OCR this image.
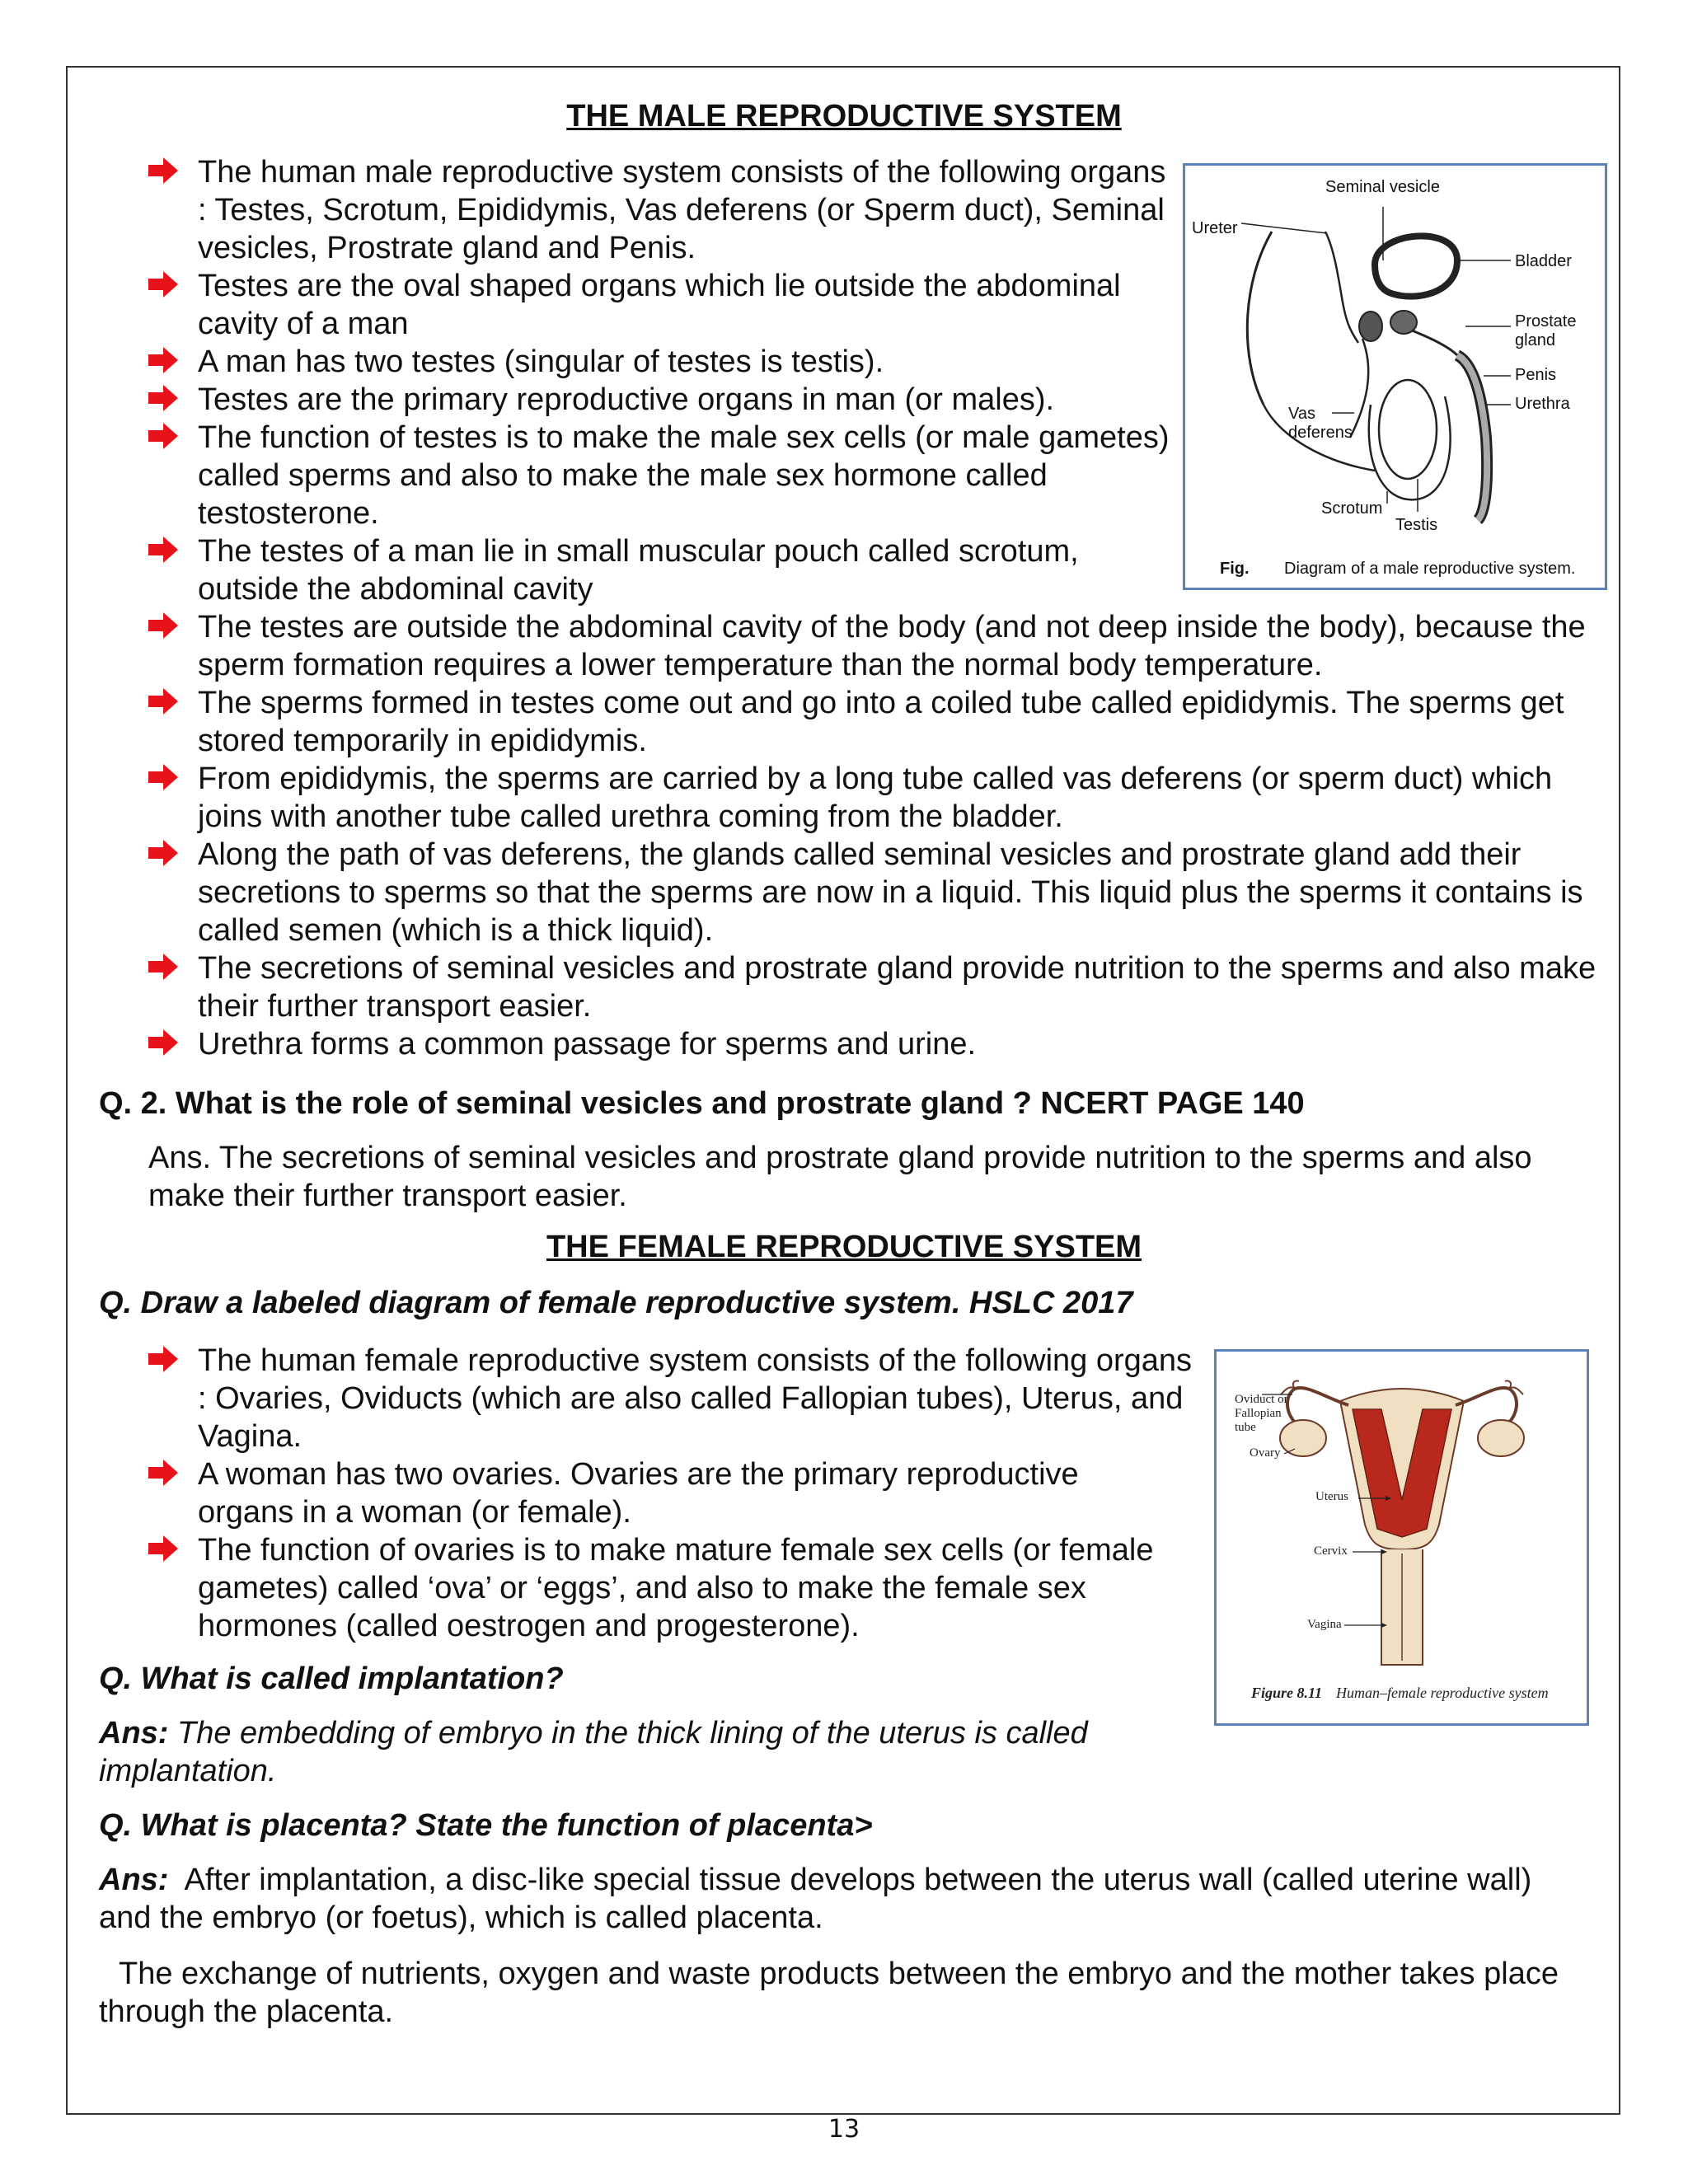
THE MALE REPRODUCTIVE SYSTEM
The human male reproductive system consists of the following organs : Testes, Scrotum, Epididymis, Vas deferens (or Sperm duct), Seminal vesicles, Prostrate gland and Penis.
Testes are the oval shaped organs which lie outside the abdominal cavity of a man
A man has two testes (singular of testes is testis).
Testes are the primary reproductive organs in man (or males).
The function of testes is to make the male sex cells (or male gametes) called sperms and also to make the male sex hormone called testosterone.
The testes of a man lie in small muscular pouch called scrotum, outside the abdominal cavity
The testes are outside the abdominal cavity of the body (and not deep inside the body), because the sperm formation requires a lower temperature than the normal body temperature.
The sperms formed in testes come out and go into a coiled tube called epididymis. The sperms get stored temporarily in epididymis.
From epididymis, the sperms are carried by a long tube called vas deferens (or sperm duct) which joins with another tube called urethra coming from the bladder.
Along the path of vas deferens, the glands called seminal vesicles and prostrate gland add their secretions to sperms so that the sperms are now in a liquid. This liquid plus the sperms it contains is called semen (which is a thick liquid).
The secretions of seminal vesicles and prostrate gland provide nutrition to the sperms and also make their further transport easier.
Urethra forms a common passage for sperms and urine.
Seminal vesicle
Ureter
Bladder
Prostate gland
Penis
Urethra
Vas deferens
Scrotum
Testis
Fig. Diagram of a male reproductive system.
Q. 2. What is the role of seminal vesicles and prostrate gland ? NCERT PAGE 140
Ans. The secretions of seminal vesicles and prostrate gland provide nutrition to the sperms and also make their further transport easier.
THE FEMALE REPRODUCTIVE SYSTEM
Q. Draw a labeled diagram of female reproductive system. HSLC 2017
The human female reproductive system consists of the following organs : Ovaries, Oviducts (which are also called Fallopian tubes), Uterus, and Vagina.
A woman has two ovaries. Ovaries are the primary reproductive organs in a woman (or female).
The function of ovaries is to make mature female sex cells (or female gametes) called ‘ova’ or ‘eggs’, and also to make the female sex hormones (called oestrogen and progesterone).
Oviduct or Fallopian tube
Ovary
Uterus
Cervix
Vagina
Figure 8.11 Human–female reproductive system
Q. What is called implantation?
Ans: The embedding of embryo in the thick lining of the uterus is called implantation.
Q. What is placenta? State the function of placenta>
Ans: After implantation, a disc-like special tissue develops between the uterus wall (called uterine wall) and the embryo (or foetus), which is called placenta.
The exchange of nutrients, oxygen and waste products between the embryo and the mother takes place through the placenta.
13
